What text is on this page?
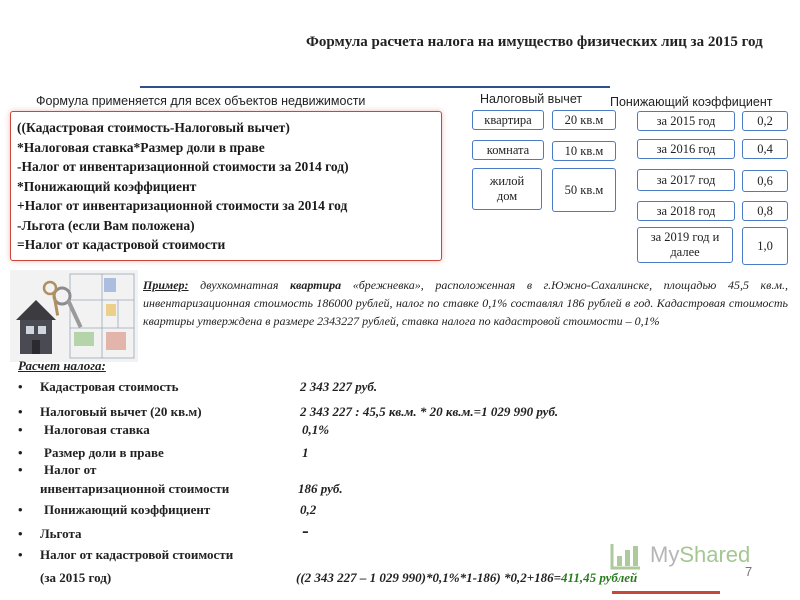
Формула расчета налога на имущество физических лиц за 2015 год
Формула применяется для всех объектов недвижимости	Налоговый вычет Понижающий коэффициент
((Кадастровая стоимость-Налоговый вычет)
*Налоговая ставка*Размер доли в праве
-Налог от инвентаризационной стоимости за 2014 год)
*Понижающий коэффициент
+Налог от инвентаризационной стоимости за 2014 год
-Льгота (если Вам положена)
=Налог от кадастровой стоимости
квартира	20 кв.м
комната	10 кв.м
жилой дом	50 кв.м
за 2015 год	0,2
за 2016 год	0,4
за 2017 год	0,6
за 2018 год	0,8
за 2019 год и далее	1,0
Пример: двухкомнатная квартира «брежневка», расположенная в г.Южно-Сахалинске, площадью 45,5 кв.м., инвентаризационная стоимость 186000 рублей, налог по ставке 0,1% составлял 186 рублей в год. Кадастровая стоимость квартиры утверждена в размере 2343227 рублей, ставка налога по кадастровой стоимости – 0,1%
Расчет налога:
• Кадастровая стоимость	2 343 227 руб.
• Налоговый вычет (20 кв.м)	2 343 227 : 45,5 кв.м. * 20 кв.м.=1 029 990 руб.
• Налоговая ставка	0,1%
• Размер доли в праве	1
• Налог от
инвентаризационной стоимости	186 руб.
• Понижающий коэффициент	0,2
• Льгота	-
• Налог от кадастровой стоимости
(за 2015 год)
MyShared
((2 343 227 – 1 029 990)*0,1%*1-186) *0,2+186=411,45 рублей	7
